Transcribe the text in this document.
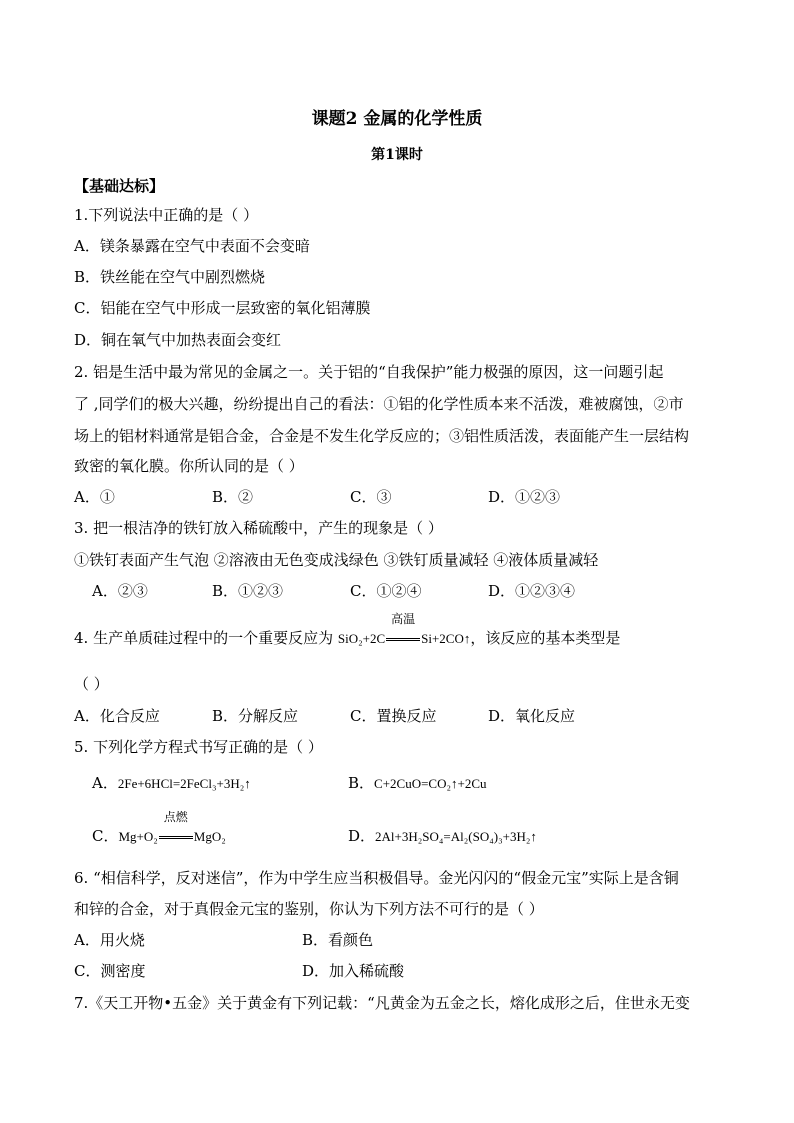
课题2 金属的化学性质
第1课时
【基础达标】
1.下列说法中正确的是（ ）
A．镁条暴露在空气中表面不会变暗
B．铁丝能在空气中剧烈燃烧
C．铝能在空气中形成一层致密的氧化铝薄膜
D．铜在氧气中加热表面会变红
2. 铝是生活中最为常见的金属之一。关于铝的“自我保护”能力极强的原因，这一问题引起
了 ,同学们的极大兴趣，纷纷提出自己的看法：①铝的化学性质本来不活泼，难被腐蚀，②市
场上的铝材料通常是铝合金，合金是不发生化学反应的；③铝性质活泼，表面能产生一层结构
致密的氧化膜。你所认同的是（ ）
A．①	B．②	C．③	D．①②③
3. 把一根洁净的铁钉放入稀硫酸中，产生的现象是（ ）
①铁钉表面产生气泡 ②溶液由无色变成浅绿色 ③铁钉质量减轻 ④液体质量减轻
A．②③	B．①②③	C．①②④	D．①②③④
4. 生产单质硅过程中的一个重要反应为 SiO₂+2C
高温
Si+2CO↑，该反应的基本类型是
（ ）
A．化合反应	B．分解反应	C．置换反应	D．氧化反应
5. 下列化学方程式书写正确的是（ ）
A．2Fe+6HCl=2FeCl₃+3H₂↑	B．C+2CuO=CO₂↑+2Cu
C．Mg+O₂
点燃
MgO₂	D．2Al+3H₂SO₄=Al₂(SO₄)₃+3H₂↑
6. “相信科学，反对迷信”，作为中学生应当积极倡导。金光闪闪的“假金元宝”实际上是含铜
和锌的合金，对于真假金元宝的鉴别，你认为下列方法不可行的是（ ）
A．用火烧	B．看颜色
C．测密度	D．加入稀硫酸
7.《天工开物•五金》关于黄金有下列记载：“凡黄金为五金之长，熔化成形之后，住世永无变
